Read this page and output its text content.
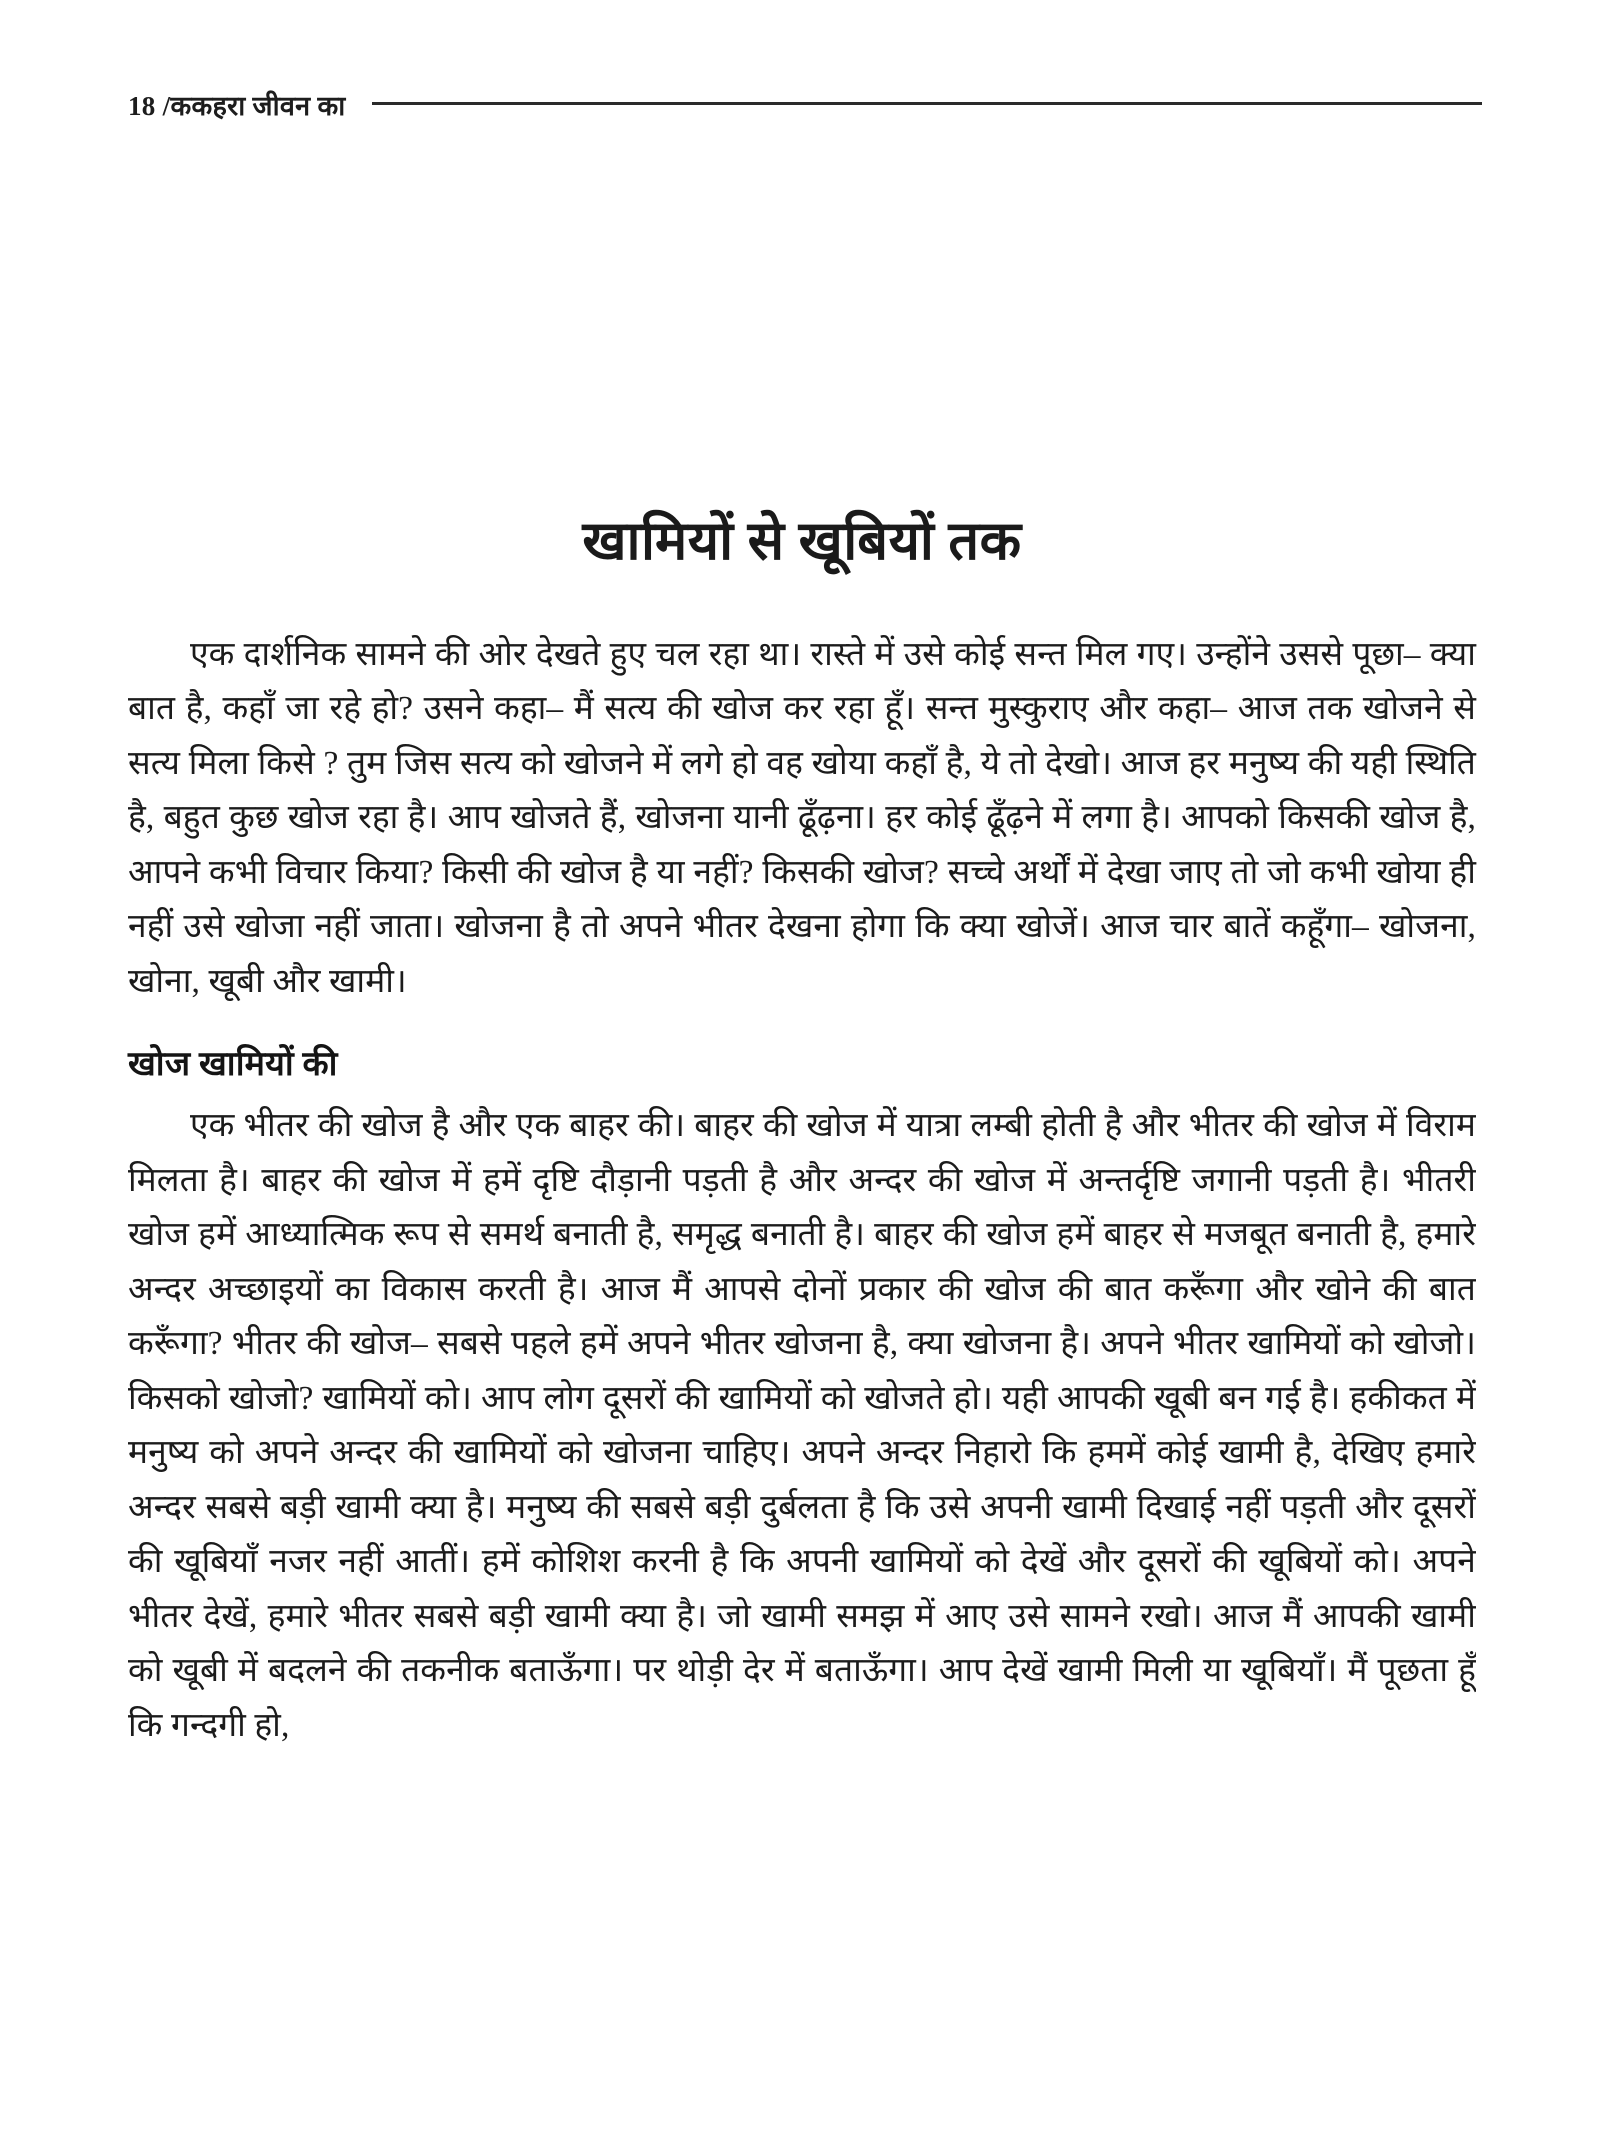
18 /ककहरा जीवन का
खामियों से खूबियों तक

एक दार्शनिक सामने की ओर देखते हुए चल रहा था। रास्ते में उसे कोई सन्त मिल गए। उन्होंने उससे पूछा– क्या बात है, कहाँ जा रहे हो? उसने कहा– मैं सत्य की खोज कर रहा हूँ। सन्त मुस्कुराए और कहा– आज तक खोजने से सत्य मिला किसे ? तुम जिस सत्य को खोजने में लगे हो वह खोया कहाँ है, ये तो देखो। आज हर मनुष्य की यही स्थिति है, बहुत कुछ खोज रहा है। आप खोजते हैं, खोजना यानी ढूँढ़ना। हर कोई ढूँढ़ने में लगा है। आपको किसकी खोज है, आपने कभी विचार किया? किसी की खोज है या नहीं? किसकी खोज? सच्चे अर्थों में देखा जाए तो जो कभी खोया ही नहीं उसे खोजा नहीं जाता। खोजना है तो अपने भीतर देखना होगा कि क्या खोजें। आज चार बातें कहूँगा– खोजना, खोना, खूबी और खामी।

खोज खामियों की

एक भीतर की खोज है और एक बाहर की। बाहर की खोज में यात्रा लम्बी होती है और भीतर की खोज में विराम मिलता है। बाहर की खोज में हमें दृष्टि दौड़ानी पड़ती है और अन्दर की खोज में अन्तर्दृष्टि जगानी पड़ती है। भीतरी खोज हमें आध्यात्मिक रूप से समर्थ बनाती है, समृद्ध बनाती है। बाहर की खोज हमें बाहर से मजबूत बनाती है, हमारे अन्दर अच्छाइयों का विकास करती है। आज मैं आपसे दोनों प्रकार की खोज की बात करूँगा और खोने की बात करूँगा? भीतर की खोज– सबसे पहले हमें अपने भीतर खोजना है, क्या खोजना है। अपने भीतर खामियों को खोजो। किसको खोजो? खामियों को। आप लोग दूसरों की खामियों को खोजते हो। यही आपकी खूबी बन गई है। हकीकत में मनुष्य को अपने अन्दर की खामियों को खोजना चाहिए। अपने अन्दर निहारो कि हममें कोई खामी है, देखिए हमारे अन्दर सबसे बड़ी खामी क्या है। मनुष्य की सबसे बड़ी दुर्बलता है कि उसे अपनी खामी दिखाई नहीं पड़ती और दूसरों की खूबियाँ नजर नहीं आतीं। हमें कोशिश करनी है कि अपनी खामियों को देखें और दूसरों की खूबियों को। अपने भीतर देखें, हमारे भीतर सबसे बड़ी खामी क्या है। जो खामी समझ में आए उसे सामने रखो। आज मैं आपकी खामी को खूबी में बदलने की तकनीक बताऊँगा। पर थोड़ी देर में बताऊँगा। आप देखें खामी मिली या खूबियाँ। मैं पूछता हूँ कि गन्दगी हो,
